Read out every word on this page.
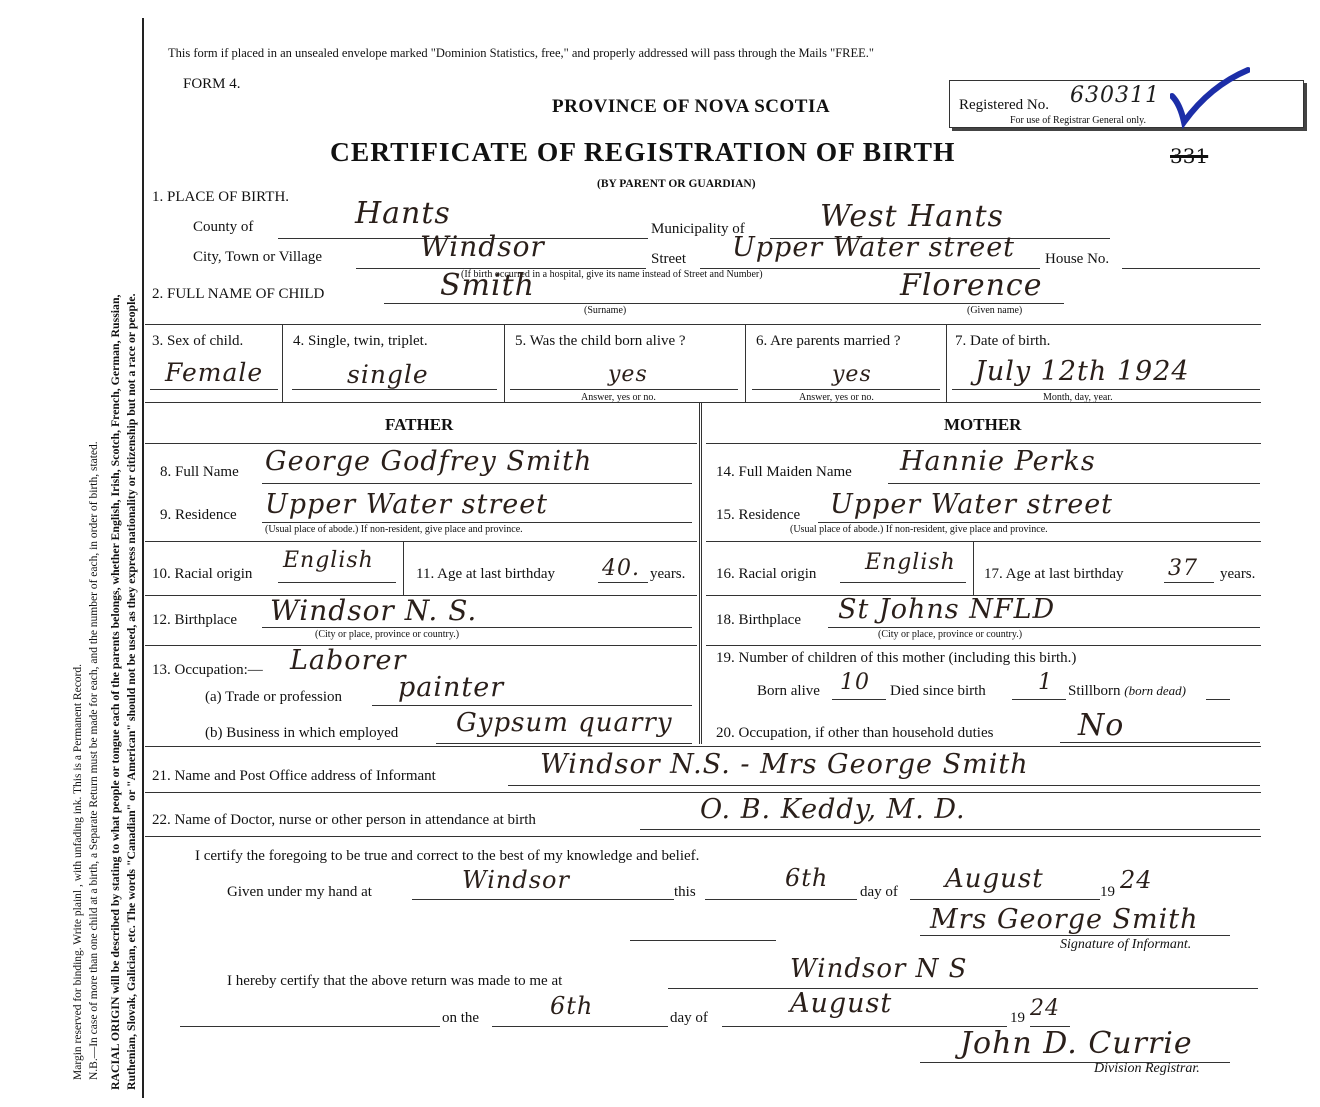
Margin reserved for binding. Write plainl , with unfading ink. This is a Permanent Record. N.B.—In case of more than one child at a birth, a Separate Return must be made for each, and the number of each, in order of birth, stated. RACIAL ORIGIN will be described by stating to what people or tongue each of the parents belongs, whether English, Irish, Scotch, French, German, Russian, Ruthenian, Slovak, Galician, etc. The words "Canadian" or "American" should not be used, as they express nationality or citizenship but not a race or people.
This form if placed in an unsealed envelope marked "Dominion Statistics, free," and properly addressed will pass through the Mails "FREE."
FORM 4.
PROVINCE OF NOVA SCOTIA
CERTIFICATE OF REGISTRATION OF BIRTH
(BY PARENT OR GUARDIAN)
Registered No. 630311
For use of Registrar General only.
331
1. PLACE OF BIRTH.
County of	Hants	Municipality of	West Hants
City, Town or Village	Windsor	Street Upper Water street House No.
(If birth occurred in a hospital, give its name instead of Street and Number)
2. FULL NAME OF CHILD	Smith	Florence
(Surname)	(Given name)
3. Sex of child.
Female
4. Single, twin, triplet.
single
5. Was the child born alive ?
yes
Answer, yes or no.
6. Are parents married ?
yes
Answer, yes or no.
7. Date of birth.
July 12th 1924
Month, day, year.
FATHER	MOTHER
8. Full Name George Godfrey Smith
9. Residence Upper Water street
(Usual place of abode.) If non-resident, give place and province.
10. Racial origin
English
11. Age at last birthday 40. years.
12. Birthplace Windsor N. S.
(City or place, province or country.)
13. Occupation:— Laborer
(a) Trade or profession painter
(b) Business in which employed Gypsum quarry
14. Full Maiden Name Hannie Perks
15. Residence Upper Water street
(Usual place of abode.) If non-resident, give place and province.
16. Racial origin English 17. Age at last birthday 37 years.
18. Birthplace St Johns NFLD
(City or place, province or country.)
19. Number of children of this mother (including this birth.)
Born alive 10 Died since birth 1 Stillborn (born dead)
20. Occupation, if other than household duties	No
21. Name and Post Office address of Informant	Windsor N.S. - Mrs George Smith
22. Name of Doctor, nurse or other person in attendance at birth	O. B. Keddy, M. D.
I certify the foregoing to be true and correct to the best of my knowledge and belief.
Given under my hand at	Windsor	this	6th day of August	19 24
Mrs George Smith
Signature of Informant.
I hereby certify that the above return was made to me at	Windsor N S
on the	6th	day of	August	19 24
John D. Currie
Division Registrar.
